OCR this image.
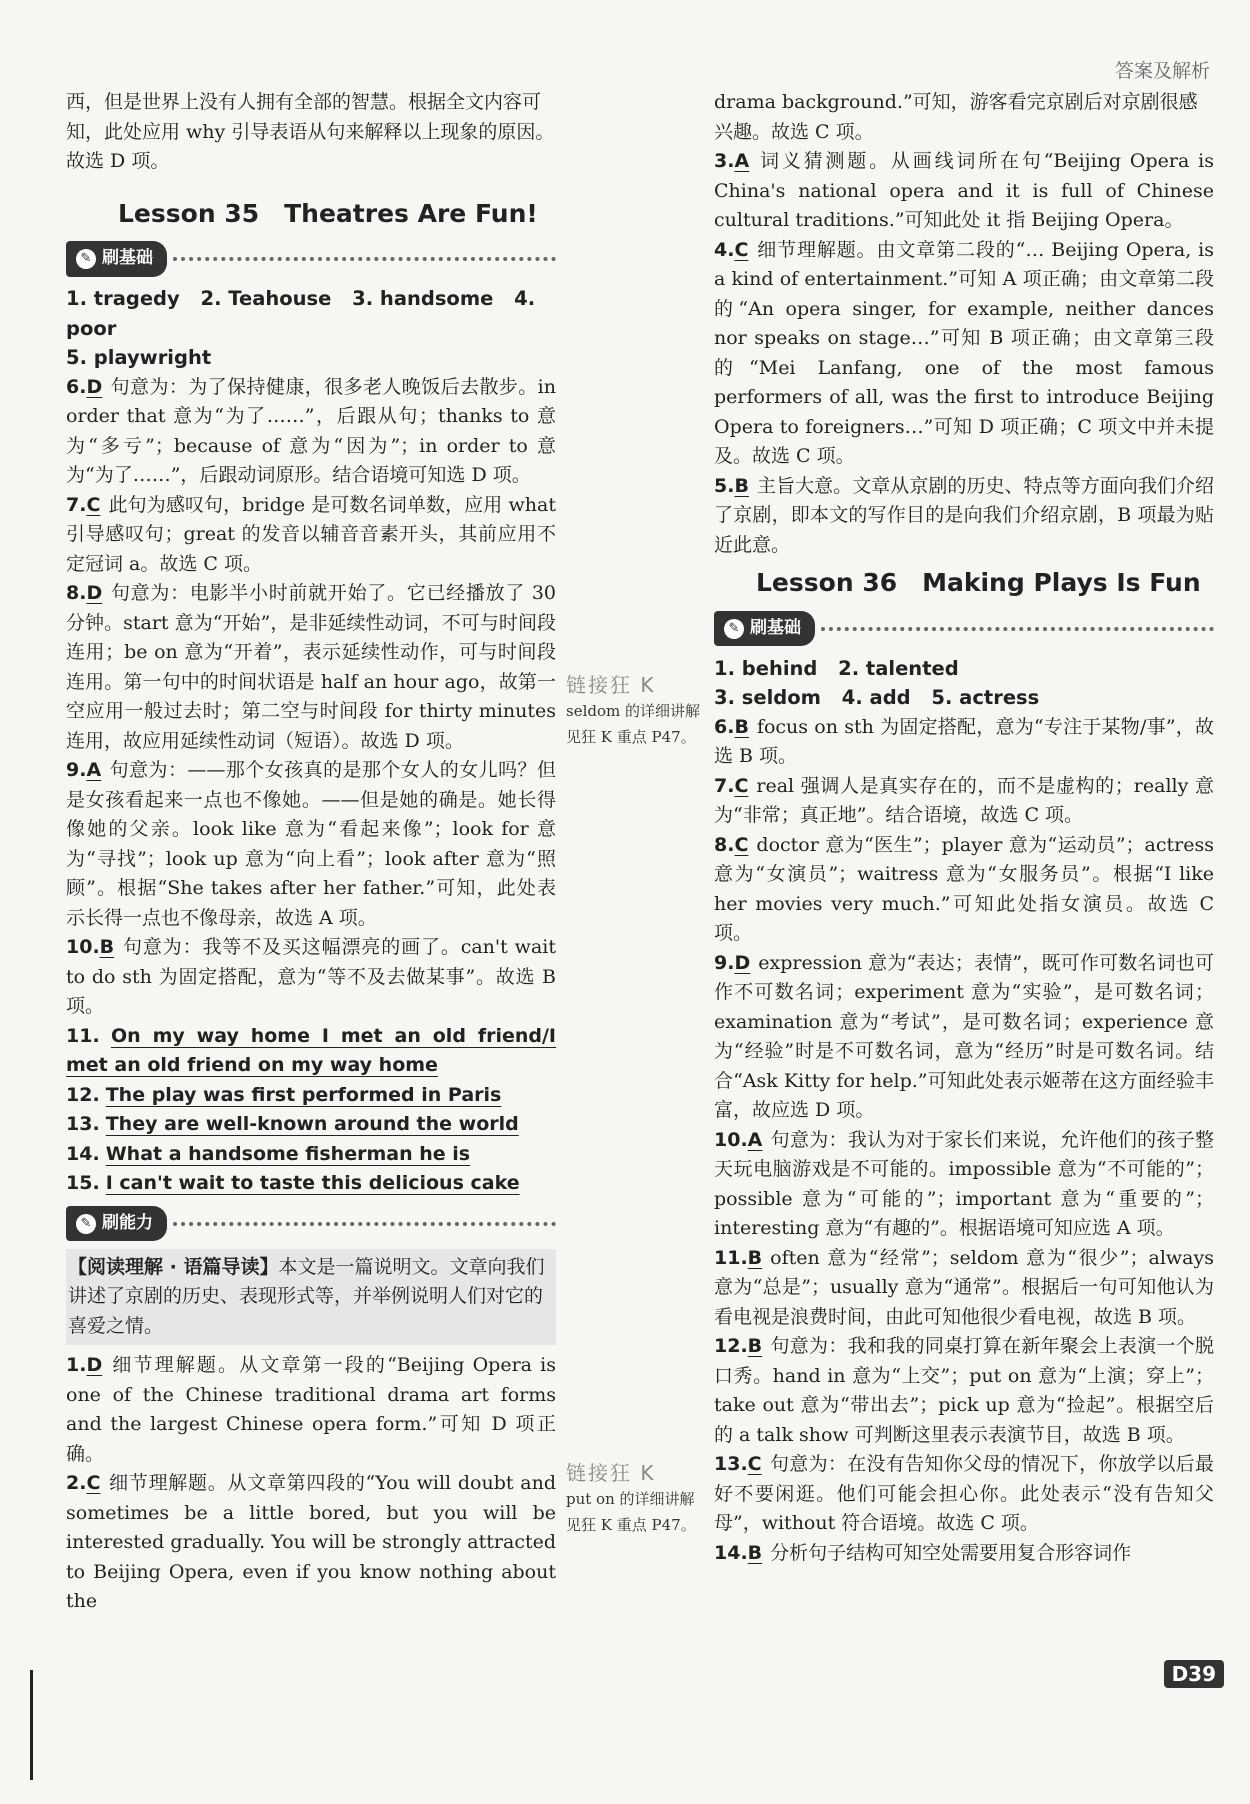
答案及解析

西，但是世界上没有人拥有全部的智慧。根据全文内容可知，此处应用 why 引导表语从句来解释以上现象的原因。故选 D 项。

Lesson 35　Theatres Are Fun!
✎ 刷基础
1. tragedy 2. Teahouse 3. handsome 4. poor
5. playwright
6.D 句意为：为了保持健康，很多老人晚饭后去散步。in order that 意为“为了……”，后跟从句；thanks to 意为“多亏”；because of 意为“因为”；in order to 意为“为了……”，后跟动词原形。结合语境可知选 D 项。
7.C 此句为感叹句，bridge 是可数名词单数，应用 what 引导感叹句；great 的发音以辅音音素开头，其前应用不定冠词 a。故选 C 项。
8.D 句意为：电影半小时前就开始了。它已经播放了 30 分钟。start 意为“开始”，是非延续性动词，不可与时间段连用；be on 意为“开着”，表示延续性动作，可与时间段连用。第一句中的时间状语是 half an hour ago，故第一空应用一般过去时；第二空与时间段 for thirty minutes 连用，故应用延续性动词（短语）。故选 D 项。
9.A 句意为：——那个女孩真的是那个女人的女儿吗？但是女孩看起来一点也不像她。——但是她的确是。她长得像她的父亲。look like 意为“看起来像”；look for 意为“寻找”；look up 意为“向上看”；look after 意为“照顾”。根据“She takes after her father.”可知，此处表示长得一点也不像母亲，故选 A 项。
10.B 句意为：我等不及买这幅漂亮的画了。can't wait to do sth 为固定搭配，意为“等不及去做某事”。故选 B 项。
11. On my way home I met an old friend/I met an old friend on my way home
12. The play was first performed in Paris
13. They are well-known around the world
14. What a handsome fisherman he is
15. I can't wait to taste this delicious cake
✎ 刷能力
【阅读理解 · 语篇导读】本文是一篇说明文。文章向我们讲述了京剧的历史、表现形式等，并举例说明人们对它的喜爱之情。
1.D 细节理解题。从文章第一段的“Beijing Opera is one of the Chinese traditional drama art forms and the largest Chinese opera form.”可知 D 项正确。
2.C 细节理解题。从文章第四段的“You will doubt and sometimes be a little bored, but you will be interested gradually. You will be strongly attracted to Beijing Opera, even if you know nothing about the
链接狂 K
seldom 的详细讲解见狂 K 重点 P47。
链接狂 K
put on 的详细讲解见狂 K 重点 P47。

drama background.”可知，游客看完京剧后对京剧很感兴趣。故选 C 项。

3.A 词义猜测题。从画线词所在句“Beijing Opera is China's national opera and it is full of Chinese cultural traditions.”可知此处 it 指 Beijing Opera。
4.C 细节理解题。由文章第二段的“… Beijing Opera, is a kind of entertainment.”可知 A 项正确；由文章第二段的“An opera singer, for example, neither dances nor speaks on stage…”可知 B 项正确；由文章第三段的“Mei Lanfang, one of the most famous performers of all, was the first to introduce Beijing Opera to foreigners…”可知 D 项正确；C 项文中并未提及。故选 C 项。
5.B 主旨大意。文章从京剧的历史、特点等方面向我们介绍了京剧，即本文的写作目的是向我们介绍京剧，B 项最为贴近此意。
Lesson 36　Making Plays Is Fun
✎ 刷基础
1. behind 2. talented
3. seldom 4. add 5. actress
6.B focus on sth 为固定搭配，意为“专注于某物/事”，故选 B 项。
7.C real 强调人是真实存在的，而不是虚构的；really 意为“非常；真正地”。结合语境，故选 C 项。
8.C doctor 意为“医生”；player 意为“运动员”；actress 意为“女演员”；waitress 意为“女服务员”。根据“I like her movies very much.”可知此处指女演员。故选 C 项。
9.D expression 意为“表达；表情”，既可作可数名词也可作不可数名词；experiment 意为“实验”，是可数名词；examination 意为“考试”，是可数名词；experience 意为“经验”时是不可数名词，意为“经历”时是可数名词。结合“Ask Kitty for help.”可知此处表示姬蒂在这方面经验丰富，故应选 D 项。
10.A 句意为：我认为对于家长们来说，允许他们的孩子整天玩电脑游戏是不可能的。impossible 意为“不可能的”；possible 意为“可能的”；important 意为“重要的”；interesting 意为“有趣的”。根据语境可知应选 A 项。
11.B often 意为“经常”；seldom 意为“很少”；always 意为“总是”；usually 意为“通常”。根据后一句可知他认为看电视是浪费时间，由此可知他很少看电视，故选 B 项。
12.B 句意为：我和我的同桌打算在新年聚会上表演一个脱口秀。hand in 意为“上交”；put on 意为“上演；穿上”；take out 意为“带出去”；pick up 意为“捡起”。根据空后的 a talk show 可判断这里表示表演节目，故选 B 项。
13.C 句意为：在没有告知你父母的情况下，你放学以后最好不要闲逛。他们可能会担心你。此处表示“没有告知父母”，without 符合语境。故选 C 项。
14.B 分析句子结构可知空处需要用复合形容词作
D39
